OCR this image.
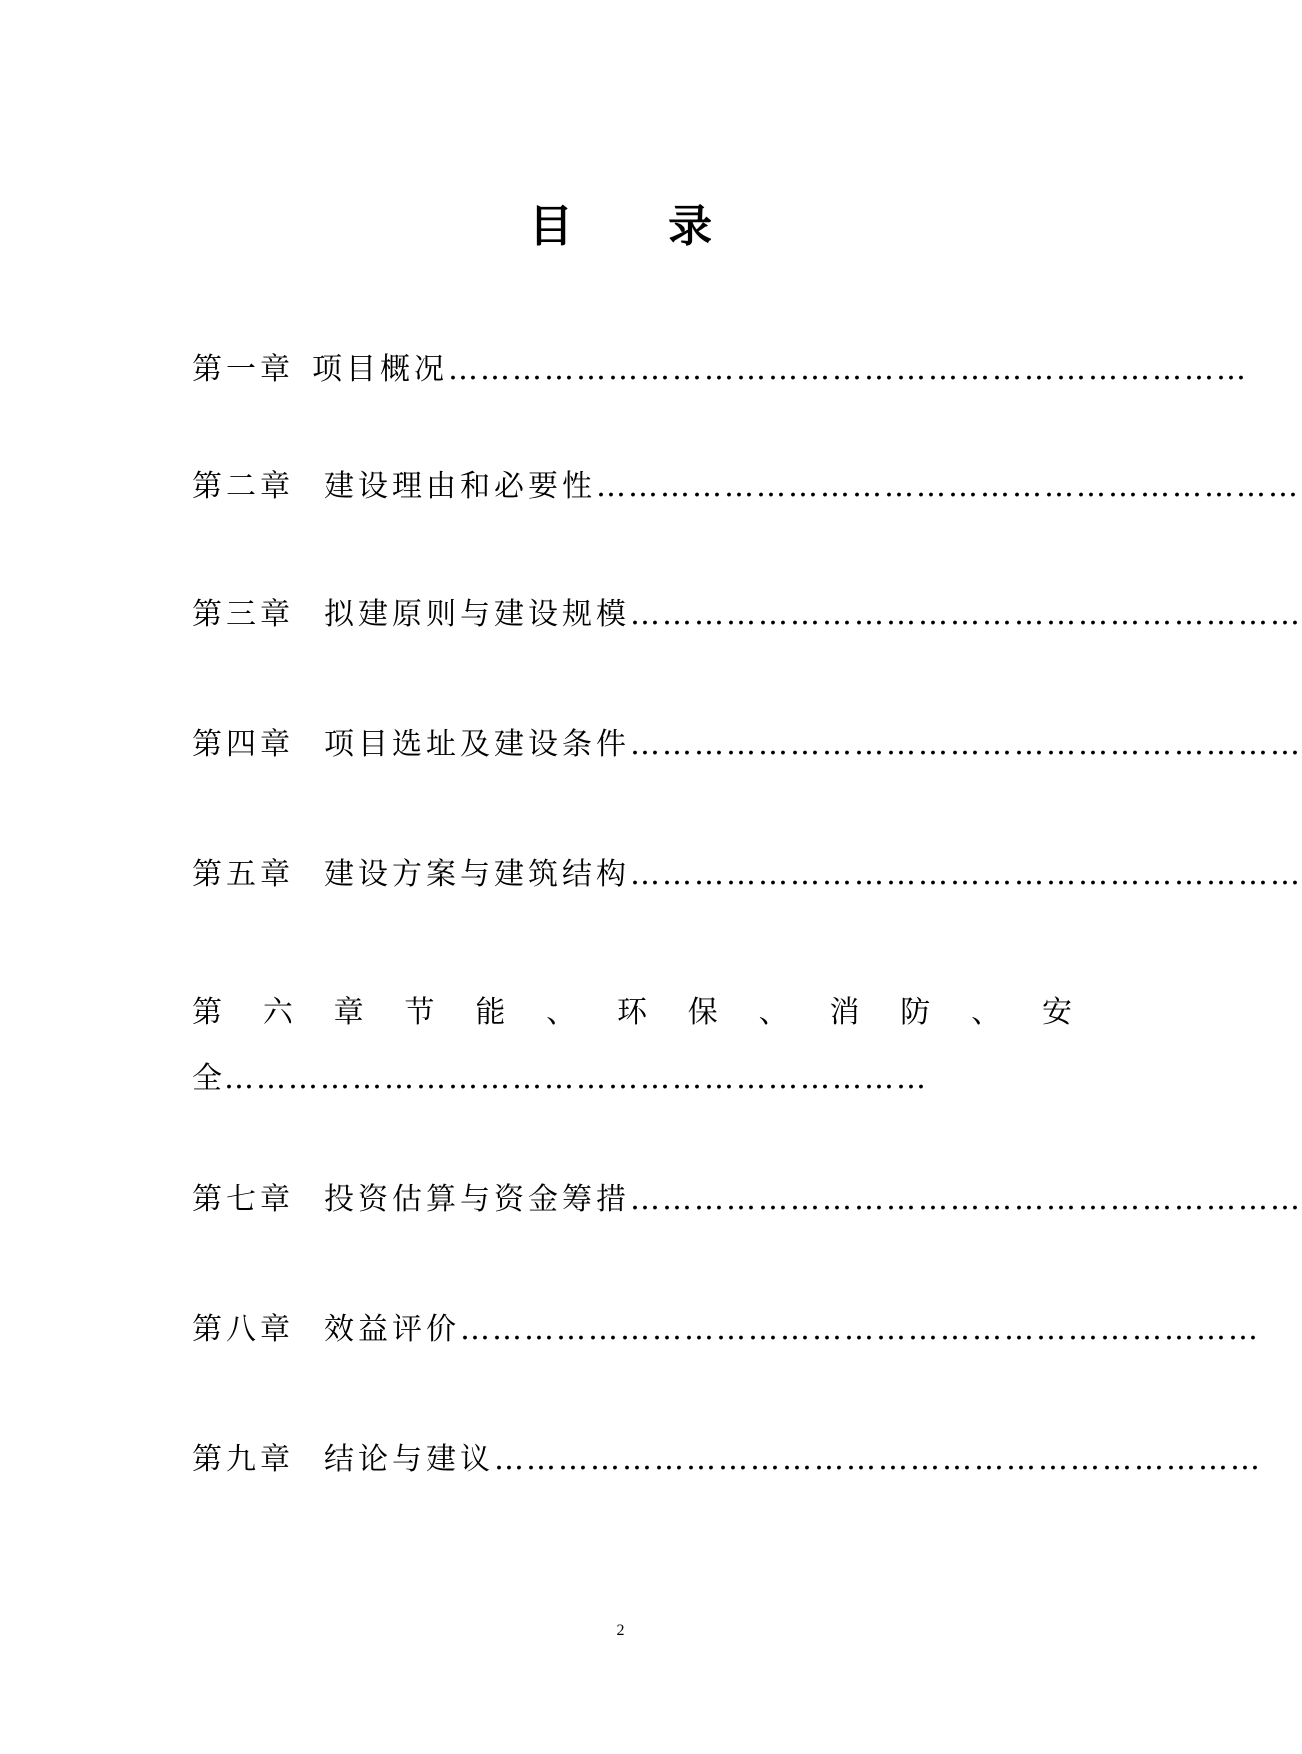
目 录
第一章 项目概况…………………………………………………………………
第二章 建设理由和必要性…………………………………………………………
第三章 拟建原则与建设规模………………………………………………………
第四章 项目选址及建设条件………………………………………………………
第五章 建设方案与建筑结构………………………………………………………
第 六 章 节 能 、 环 保 、 消 防 、 安
全…………………………………………………………
第七章 投资估算与资金筹措………………………………………………………
第八章 效益评价…………………………………………………………………
第九章 结论与建议………………………………………………………………
2
